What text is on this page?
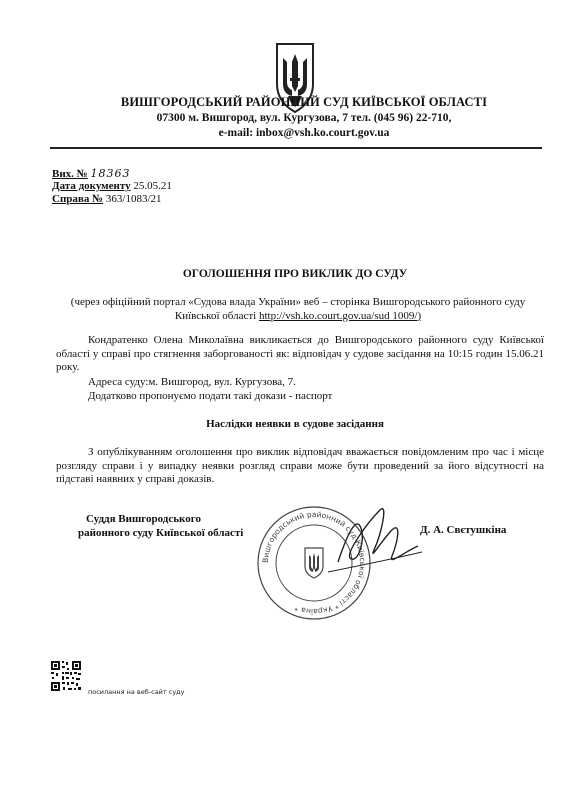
ВИШГОРОДСЬКИЙ РАЙОННИЙ СУД КИЇВСЬКОЇ ОБЛАСТІ
07300 м. Вишгород, вул. Кургузова, 7 тел. (045 96) 22-710,
e-mail: inbox@vsh.ko.court.gov.ua
Вих. № 18363
Дата документу 25.05.21
Справа № 363/1083/21
ОГОЛОШЕННЯ ПРО ВИКЛИК ДО СУДУ
(через офіційний портал «Судова влада України» веб – сторінка Вишгородського районного суду
Київської області http://vsh.ko.court.gov.ua/sud 1009/)
Кондратенко Олена Миколаївна викликається до Вишгородського районного суду Київської області у справі про стягнення заборгованості як: відповідач у судове засідання на 10:15 годин 15.06.21 року.
Адреса суду:м. Вишгород, вул. Кургузова, 7.
Додатково пропонуємо подати такі докази - паспорт
Наслідки неявки в судове засідання
З опублікуванням оголошення про виклик відповідач вважається повідомленим про час і місце розгляду справи і у випадку неявки розгляд справи може бути проведений за його відсутності на підставі наявних у справі доказів.
Суддя Вишгородського
районного суду Київської області
Вишгородський районний суд Київської області * Україна *
Д. А. Свєтушкіна
посилання на веб-сайт суду
